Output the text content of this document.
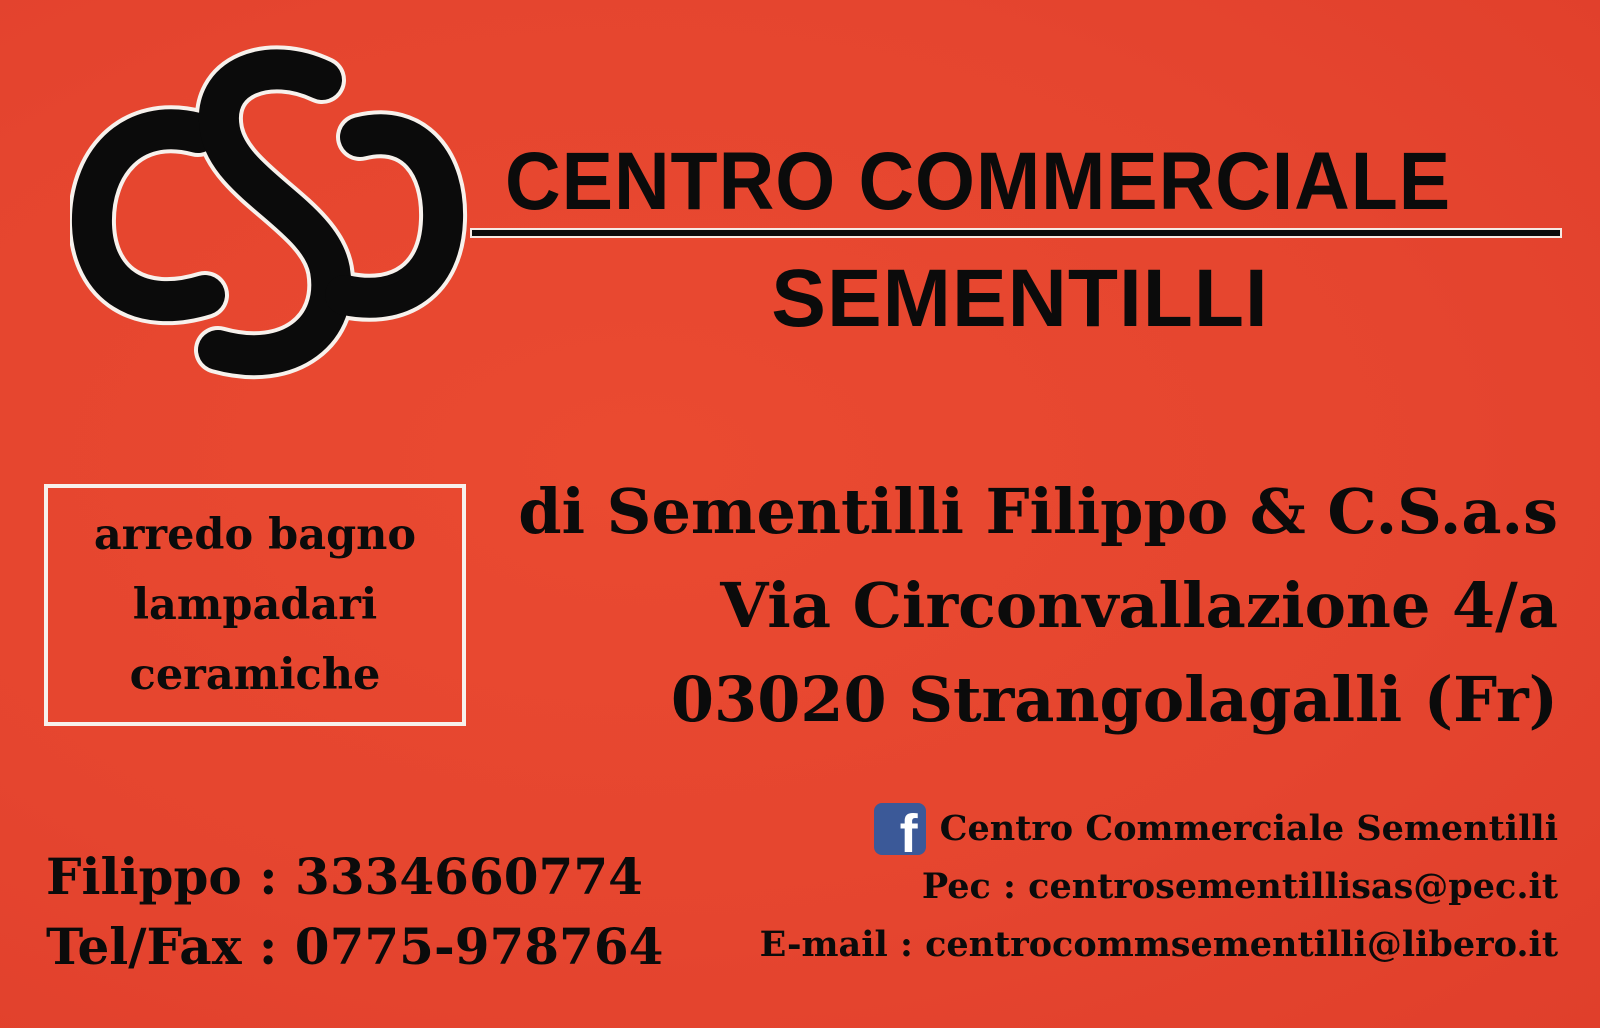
CENTRO COMMERCIALE
SEMENTILLI
arredo bagno
lampadari
ceramiche
di Sementilli Filippo & C.S.a.s
Via Circonvallazione 4/a
03020 Strangolagalli (Fr)
Filippo : 3334660774
Tel/Fax : 0775-978764
f Centro Commerciale Sementilli
Pec : centrosementillisas@pec.it
E-mail : centrocommsementilli@libero.it
